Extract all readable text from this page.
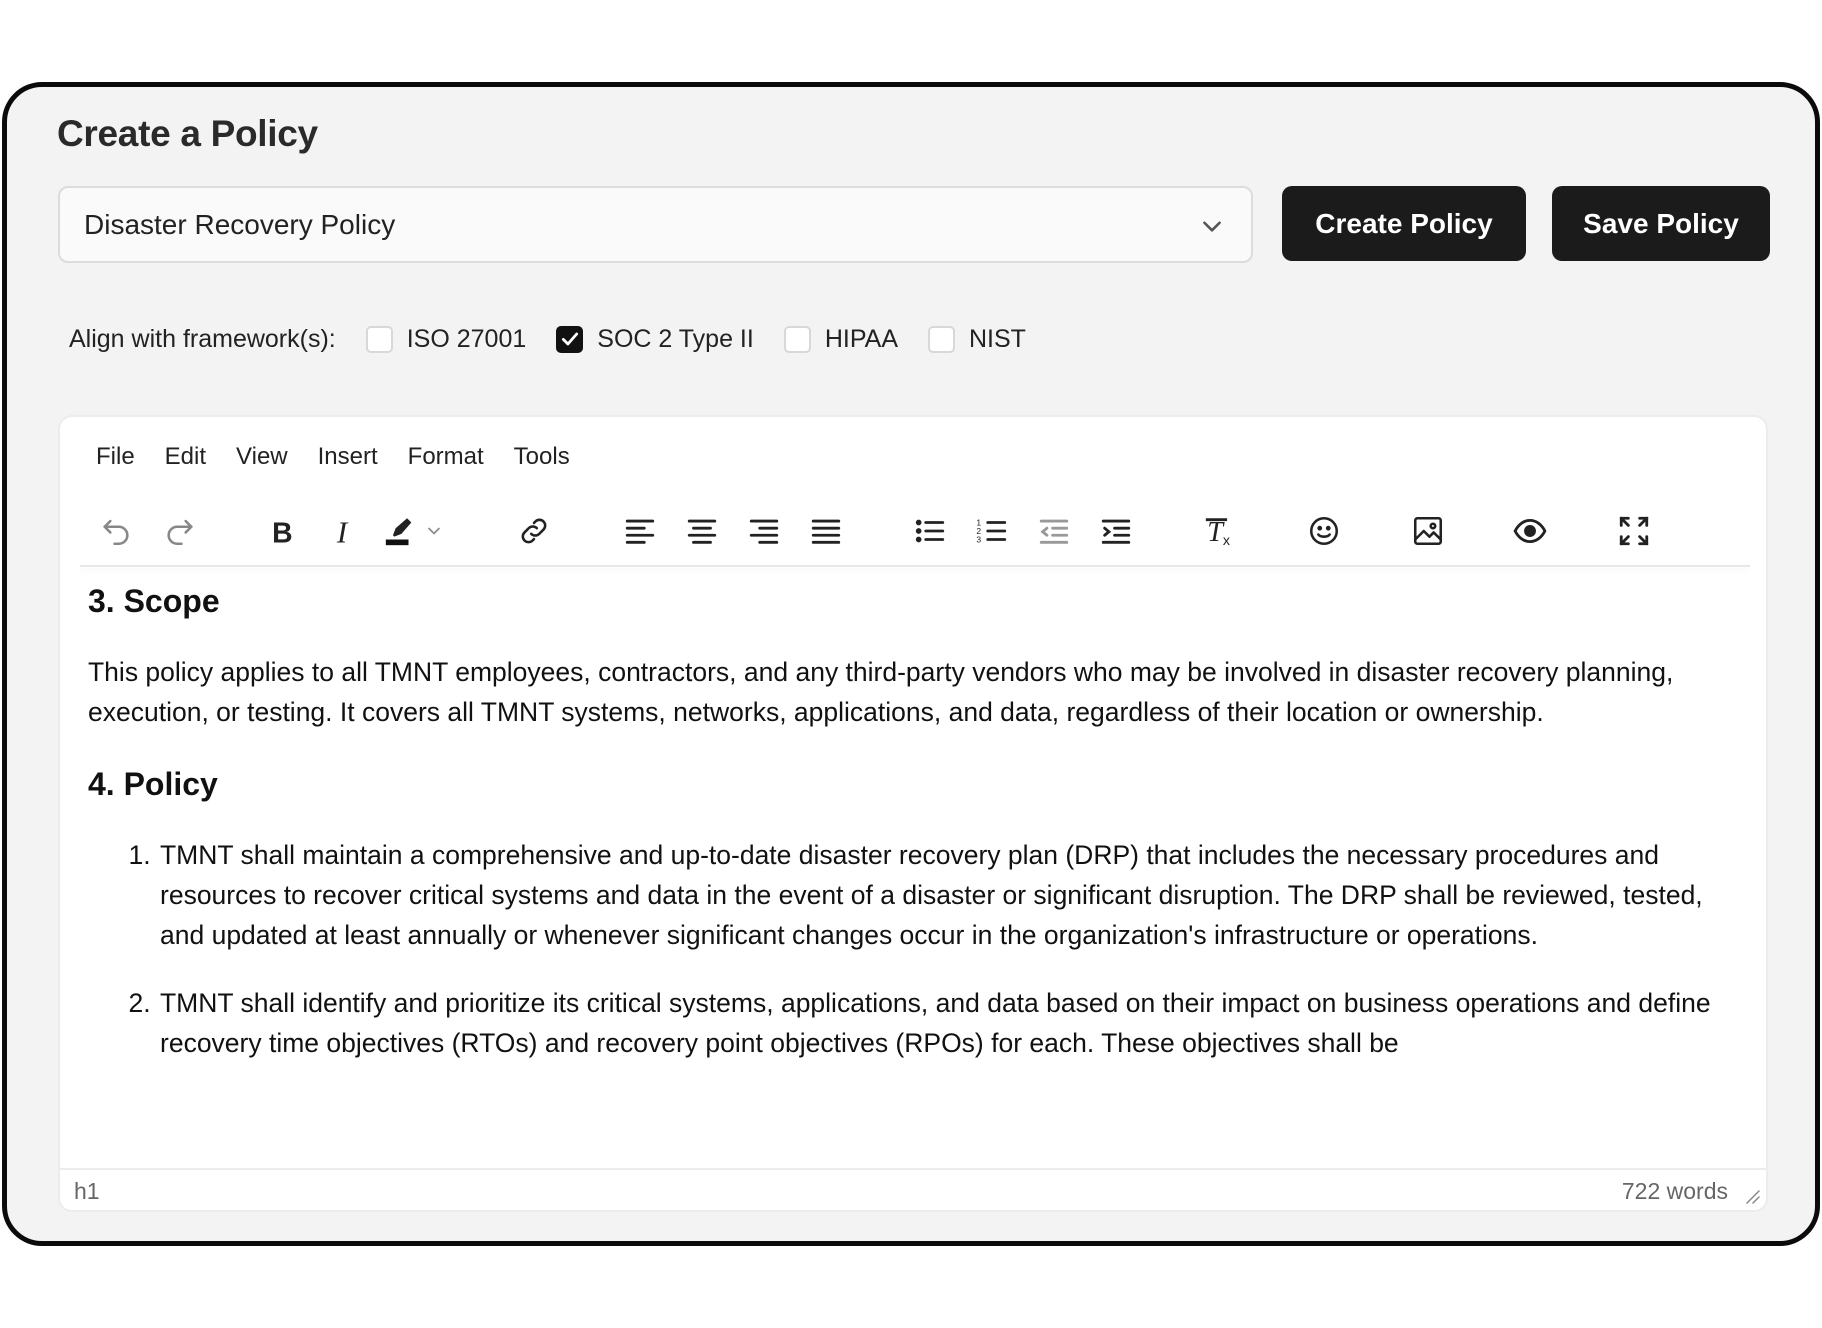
Create a Policy
Disaster Recovery Policy	Create Policy	Save Policy
Align with framework(s):	ISO 27001	SOC 2 Type II	HIPAA	NIST
File Edit View Insert Format Tools
B I	1
2
3	T x
3. Scope

This policy applies to all TMNT employees, contractors, and any third-party vendors who may be involved in disaster recovery planning, execution, or testing. It covers all TMNT systems, networks, applications, and data, regardless of their location or ownership.

4. Policy
1. TMNT shall maintain a comprehensive and up-to-date disaster recovery plan (DRP) that includes the necessary procedures and resources to recover critical systems and data in the event of a disaster or significant disruption. The DRP shall be reviewed, tested, and updated at least annually or whenever significant changes occur in the organization's infrastructure or operations.
2. TMNT shall identify and prioritize its critical systems, applications, and data based on their impact on business operations and define recovery time objectives (RTOs) and recovery point objectives (RPOs) for each. These objectives shall be
h1	722 words
